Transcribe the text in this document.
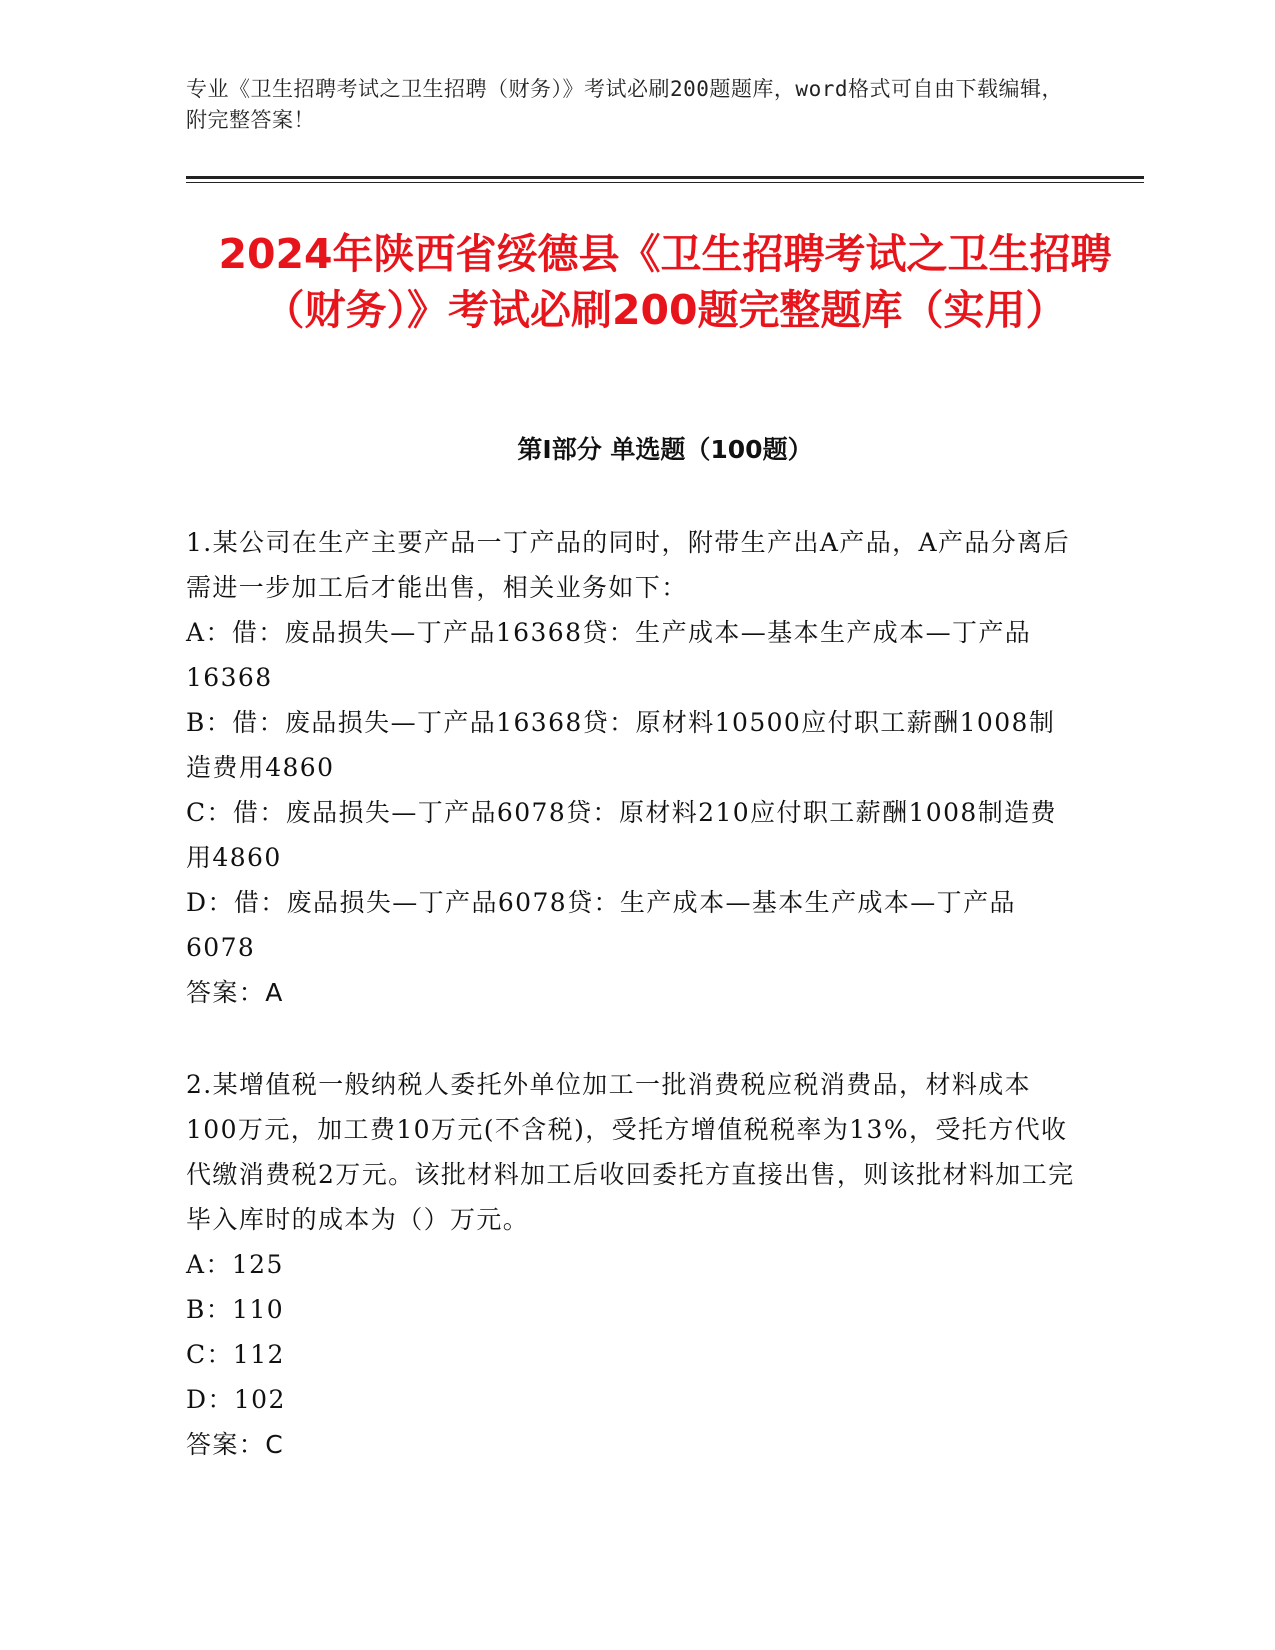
专业《卫生招聘考试之卫生招聘（财务）》考试必刷200题题库，word格式可自由下载编辑，附完整答案！
2024年陕西省绥德县《卫生招聘考试之卫生招聘（财务）》考试必刷200题完整题库（实用）
第I部分 单选题（100题）

1.某公司在生产主要产品一丁产品的同时，附带生产出A产品，A产品分离后需进一步加工后才能出售，相关业务如下：

A：借：废品损失—丁产品16368贷：生产成本—基本生产成本—丁产品16368

B：借：废品损失—丁产品16368贷：原材料10500应付职工薪酬1008制造费用4860

C：借：废品损失—丁产品6078贷：原材料210应付职工薪酬1008制造费用4860

D：借：废品损失—丁产品6078贷：生产成本—基本生产成本—丁产品6078

答案：A

2.某增值税一般纳税人委托外单位加工一批消费税应税消费品，材料成本100万元，加工费10万元(不含税)，受托方增值税税率为13%，受托方代收代缴消费税2万元。该批材料加工后收回委托方直接出售，则该批材料加工完毕入库时的成本为（）万元。

A：125

B：110

C：112

D：102

答案：C
